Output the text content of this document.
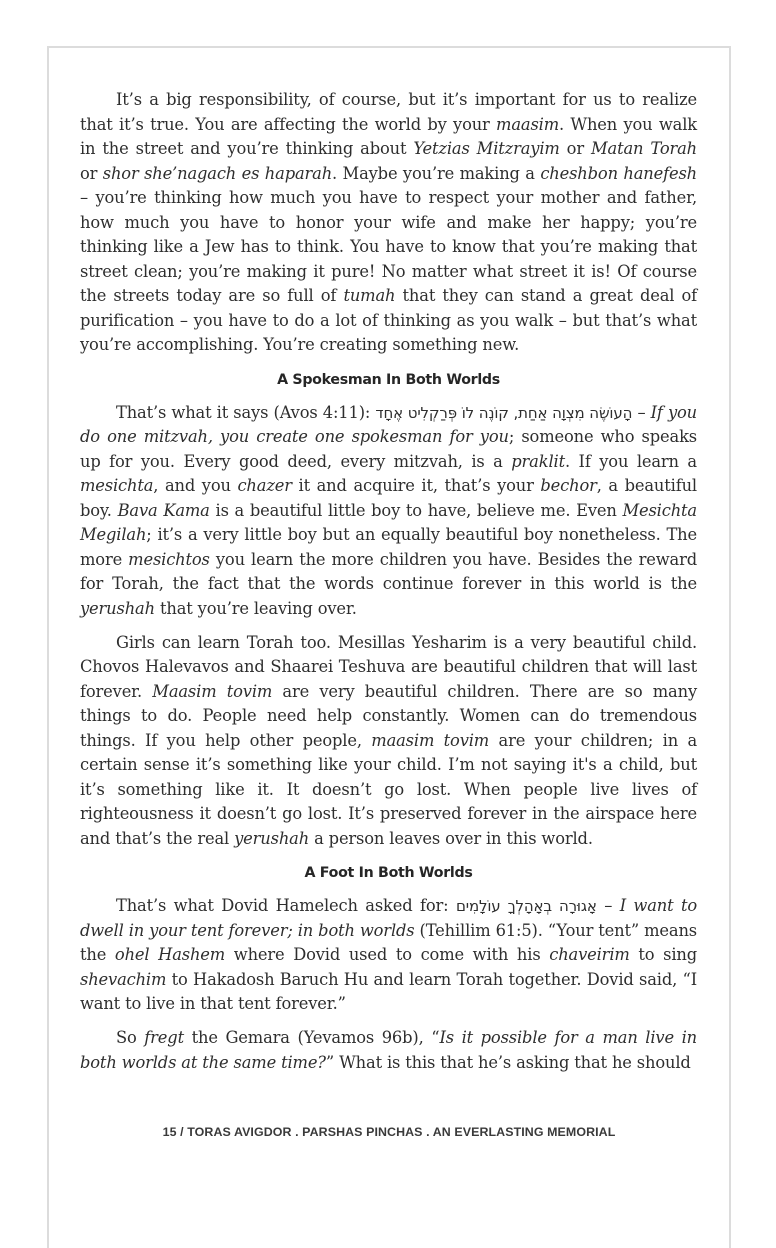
It’s a big responsibility, of course, but it’s important for us to realize that it’s true. You are affecting the world by your maasim. When you walk in the street and you’re thinking about Yetzias Mitzrayim or Matan Torah or shor she’nagach es haparah. Maybe you’re making a cheshbon hanefesh – you’re thinking how much you have to respect your mother and father, how much you have to honor your wife and make her happy; you’re thinking like a Jew has to think. You have to know that you’re making that street clean; you’re making it pure! No matter what street it is! Of course the streets today are so full of tumah that they can stand a great deal of purification – you have to do a lot of thinking as you walk – but that’s what you’re accomplishing. You’re creating something new.

A Spokesman In Both Worlds

That’s what it says (Avos 4:11): הָעוֹשֶׂה מִצְוָה אַחַת, קוֹנֶה לוֹ פְּרַקְלִיט אֶחָד – If you do one mitzvah, you create one spokesman for you; someone who speaks up for you. Every good deed, every mitzvah, is a praklit. If you learn a mesichta, and you chazer it and acquire it, that’s your bechor, a beautiful boy. Bava Kama is a beautiful little boy to have, believe me. Even Mesichta Megilah; it’s a very little boy but an equally beautiful boy nonetheless. The more mesichtos you learn the more children you have. Besides the reward for Torah, the fact that the words continue forever in this world is the yerushah that you’re leaving over.

Girls can learn Torah too. Mesillas Yesharim is a very beautiful child. Chovos Halevavos and Shaarei Teshuva are beautiful children that will last forever. Maasim tovim are very beautiful children. There are so many things to do. People need help constantly. Women can do tremendous things. If you help other people, maasim tovim are your children; in a certain sense it’s something like your child. I’m not saying it's a child, but it’s something like it. It doesn’t go lost. When people live lives of righteousness it doesn’t go lost. It’s preserved forever in the airspace here and that’s the real yerushah a person leaves over in this world.

A Foot In Both Worlds

That’s what Dovid Hamelech asked for: אָגוּרָה בְאָהָלְךָ עוֹלָמִים – I want to dwell in your tent forever; in both worlds (Tehillim 61:5). “Your tent” means the ohel Hashem where Dovid used to come with his chaveirim to sing shevachim to Hakadosh Baruch Hu and learn Torah together. Dovid said, “I want to live in that tent forever.”

So fregt the Gemara (Yevamos 96b), “Is it possible for a man live in both worlds at the same time?” What is this that he’s asking that he should

15 / TORAS AVIGDOR . PARSHAS PINCHAS . AN EVERLASTING MEMORIAL
